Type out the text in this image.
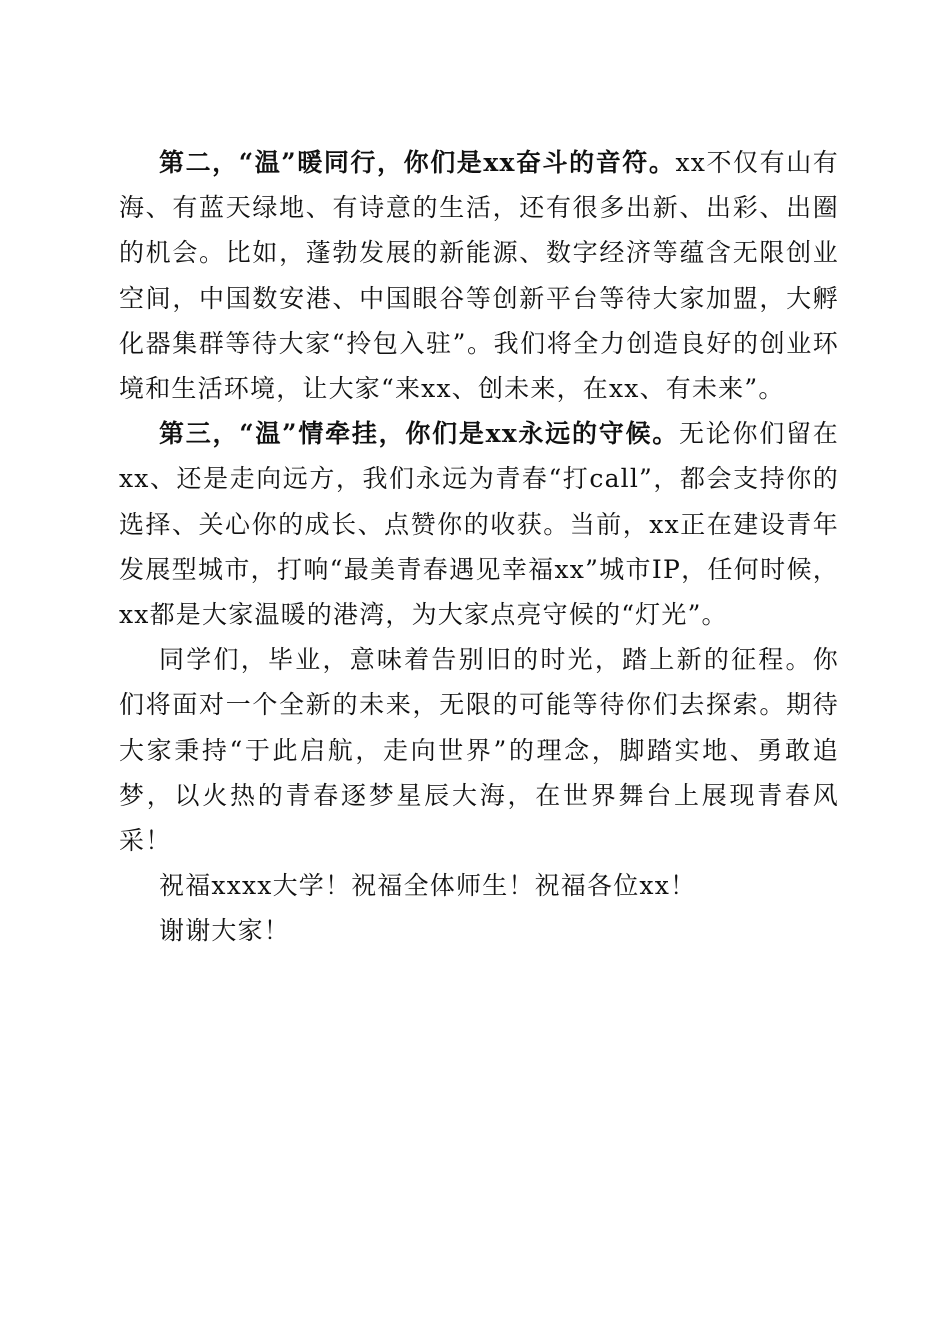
第二，“温”暖同行，你们是xx奋斗的音符。xx不仅有山有海、有蓝天绿地、有诗意的生活，还有很多出新、出彩、出圈的机会。比如，蓬勃发展的新能源、数字经济等蕴含无限创业空间，中国数安港、中国眼谷等创新平台等待大家加盟，大孵化器集群等待大家“拎包入驻”。我们将全力创造良好的创业环境和生活环境，让大家“来xx、创未来，在xx、有未来”。

第三，“温”情牵挂，你们是xx永远的守候。无论你们留在xx、还是走向远方，我们永远为青春“打call”，都会支持你的选择、关心你的成长、点赞你的收获。当前，xx正在建设青年发展型城市，打响“最美青春遇见幸福xx”城市IP，任何时候，xx都是大家温暖的港湾，为大家点亮守候的“灯光”。

同学们，毕业，意味着告别旧的时光，踏上新的征程。你们将面对一个全新的未来，无限的可能等待你们去探索。期待大家秉持“于此启航，走向世界”的理念，脚踏实地、勇敢追梦，以火热的青春逐梦星辰大海，在世界舞台上展现青春风采！

祝福xxxx大学！祝福全体师生！祝福各位xx！

谢谢大家！
